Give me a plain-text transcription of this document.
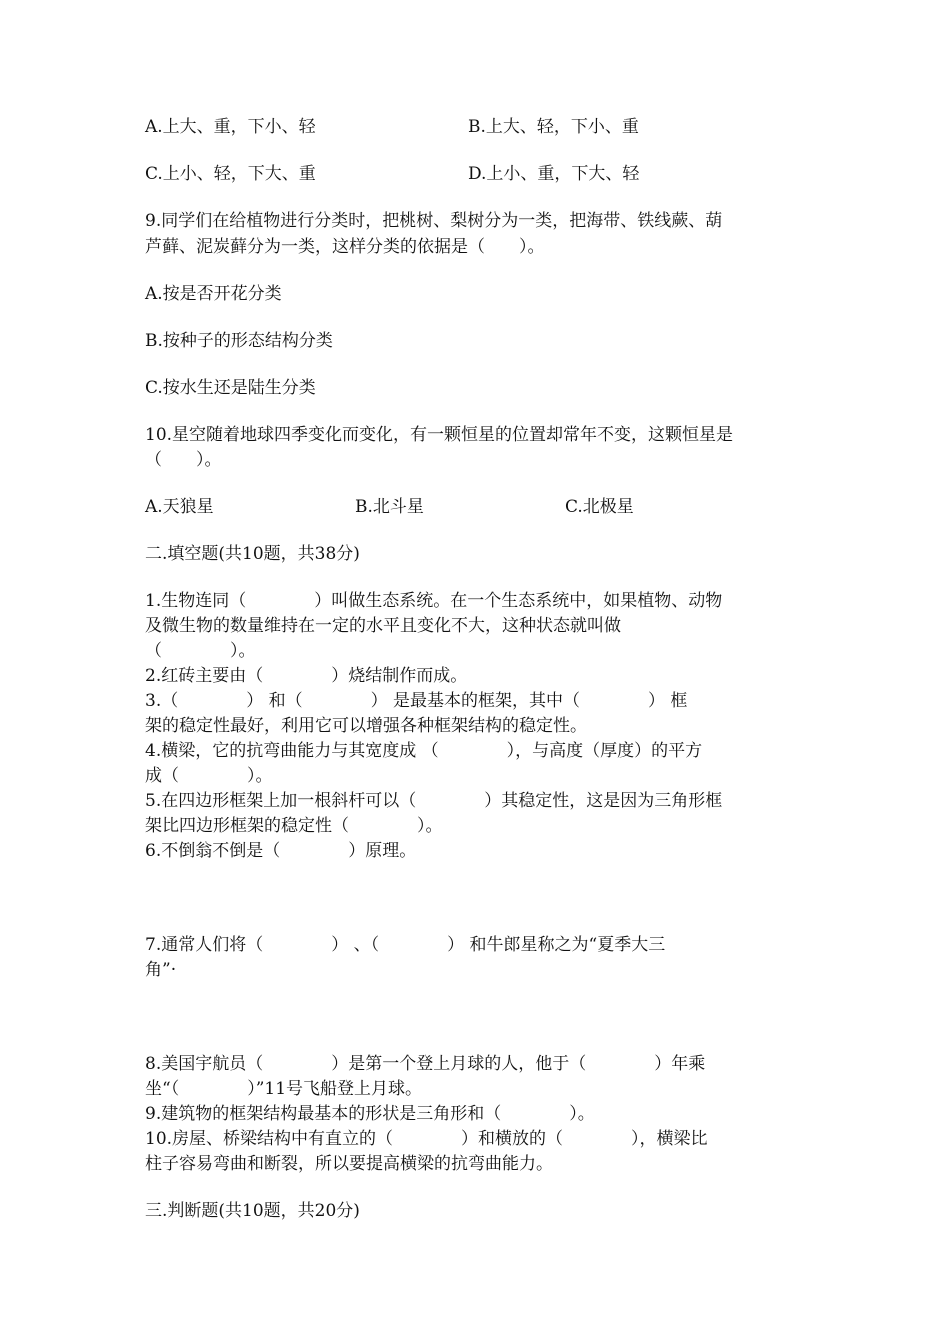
A.上大、重，下小、轻	B.上大、轻，下小、重
C.上小、轻，下大、重	D.上小、重，下大、轻
9.同学们在给植物进行分类时，把桃树、梨树分为一类，把海带、铁线蕨、葫
芦藓、泥炭藓分为一类，这样分类的依据是（　　）。
A.按是否开花分类
B.按种子的形态结构分类
C.按水生还是陆生分类
10.星空随着地球四季变化而变化，有一颗恒星的位置却常年不变，这颗恒星是
（　　）。
A.天狼星	B.北斗星	C.北极星
二.填空题(共10题，共38分)
1.生物连同（　　　　）叫做生态系统。在一个生态系统中，如果植物、动物
及微生物的数量维持在一定的水平且变化不大，这种状态就叫做
（　　　　）。
2.红砖主要由（　　　　）烧结制作而成。
3.（　　　　） 和（　　　　） 是最基本的框架，其中（　　　　） 框
架的稳定性最好，利用它可以增强各种框架结构的稳定性。
4.横梁，它的抗弯曲能力与其宽度成 （　　　　），与高度（厚度）的平方
成（　　　　）。
5.在四边形框架上加一根斜杆可以（　　　　）其稳定性，这是因为三角形框
架比四边形框架的稳定性（　　　　）。
6.不倒翁不倒是（　　　　）原理。
7.通常人们将（　　　　） 、（　　　　） 和牛郎星称之为“夏季大三
角”·
8.美国宇航员（　　　　）是第一个登上月球的人，他于（　　　　）年乘
坐“（　　　　）”11号飞船登上月球。
9.建筑物的框架结构最基本的形状是三角形和（　　　　）。
10.房屋、桥梁结构中有直立的（　　　　）和横放的（　　　　），横梁比
柱子容易弯曲和断裂，所以要提高横梁的抗弯曲能力。
三.判断题(共10题，共20分)
